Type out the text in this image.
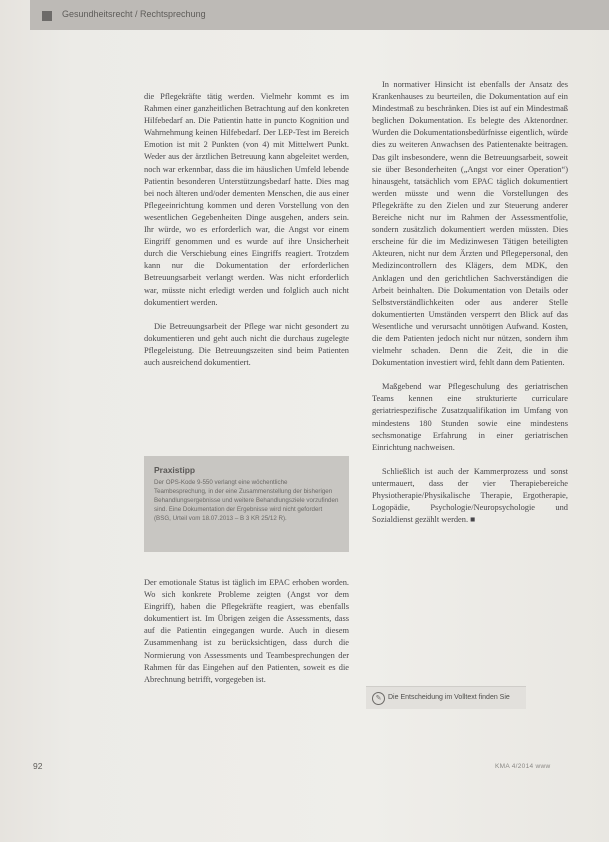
Gesundheitsrecht / Rechtsprechung

die Pflegekräfte tätig werden. Vielmehr kommt es im Rahmen einer ganzheitlichen Betrachtung auf den konkreten Hilfebedarf an. Die Patientin hatte in puncto Kognition und Wahrnehmung keinen Hilfebedarf. Der LEP-Test im Bereich Emotion ist mit 2 Punkten (von 4) mit Mittelwert Punkt. Weder aus der ärztlichen Betreuung kann abgeleitet werden, noch war erkennbar, dass die im häuslichen Umfeld lebende Patientin besonderen Unterstützungsbedarf hatte. Dies mag bei noch älteren und/oder dementen Menschen, die aus einer Pflegeeinrichtung kommen und deren Vorstellung von den wesentlichen Gegebenheiten Dinge ausgehen, anders sein. Ihr würde, wo es erforderlich war, die Angst vor einem Eingriff genommen und es wurde auf ihre Unsicherheit durch die Verschiebung eines Eingriffs reagiert. Trotzdem kann nur die Dokumentation der erforderlichen Betreuungsarbeit verlangt werden. Was nicht erforderlich war, müsste nicht erledigt werden und folglich auch nicht dokumentiert werden.

Die Betreuungsarbeit der Pflege war nicht gesondert zu dokumentieren und geht auch nicht die durchaus zugelegte Pflegeleistung. Die Betreuungszeiten sind beim Patienten auch ausreichend dokumentiert.

Praxistipp
Der OPS-Kode 9-550 verlangt eine wöchentliche Teambesprechung, in der eine Zusammenstellung der bisherigen Behandlungsergebnisse und weitere Behandlungsziele vorzufinden sind. Eine Dokumentation der Ergebnisse wird nicht gefordert (BSG, Urteil vom 18.07.2013 – B 3 KR 25/12 R).

Der emotionale Status ist täglich im EPAC erhoben worden. Wo sich konkrete Probleme zeigten (Angst vor dem Eingriff), haben die Pflegekräfte reagiert, was ebenfalls dokumentiert ist. Im Übrigen zeigen die Assessments, dass auf die Patientin eingegangen wurde. Auch in diesem Zusammenhang ist zu berücksichtigen, dass durch die Normierung von Assessments und Teambesprechungen der Rahmen für das Eingehen auf den Patienten, soweit es die Abrechnung betrifft, vorgegeben ist.

In normativer Hinsicht ist ebenfalls der Ansatz des Krankenhauses zu beurteilen, die Dokumentation auf ein Mindestmaß zu beschränken. Dies ist auf ein Mindestmaß beglichen Dokumentation. Es belegte des Aktenordner. Wurden die Dokumentationsbedürfnisse eigentlich, würde dies zu weiteren Anwachsen des Patientenakte beitragen. Das gilt insbesondere, wenn die Betreuungsarbeit, soweit sie über Besonderheiten („Angst vor einer Operation“) hinausgeht, tatsächlich vom EPAC täglich dokumentiert werden müsste und wenn die Vorstellungen des Pflegekräfte zu den Zielen und zur Steuerung anderer Bereiche nicht nur im Rahmen der Assessmentfolie, sondern zusätzlich dokumentiert werden müssten. Dies erscheine für die im Medizinwesen Tätigen beteiligten Akteuren, nicht nur dem Ärzten und Pflegepersonal, den Medizincontrollern des Klägers, dem MDK, den Anklagen und den gerichtlichen Sachverständigen die Arbeit beinhalten. Die Dokumentation von Details oder Selbstverständlichkeiten oder aus anderer Stelle dokumentierten Umständen versperrt den Blick auf das Wesentliche und verursacht unnötigen Aufwand. Kosten, die dem Patienten jedoch nicht nur nützen, sondern ihm vielmehr schaden. Denn die Zeit, die in die Dokumentation investiert wird, fehlt dann dem Patienten.

Maßgebend war Pflegeschulung des geriatrischen Teams kennen eine strukturierte curriculare geriatriespezifische Zusatzqualifikation im Umfang von mindestens 180 Stunden sowie eine mindestens sechsmonatige Erfahrung in einer geriatrischen Einrichtung nachweisen.

Schließlich ist auch der Kammerprozess und sonst untermauert, dass der vier Therapiebereiche Physiotherapie/Physikalische Therapie, Ergotherapie, Logopädie, Psychologie/Neuropsychologie und Sozialdienst gezählt werden. ■

✎ Die Entscheidung im Volltext finden Sie
92	KMA 4/2014 www
